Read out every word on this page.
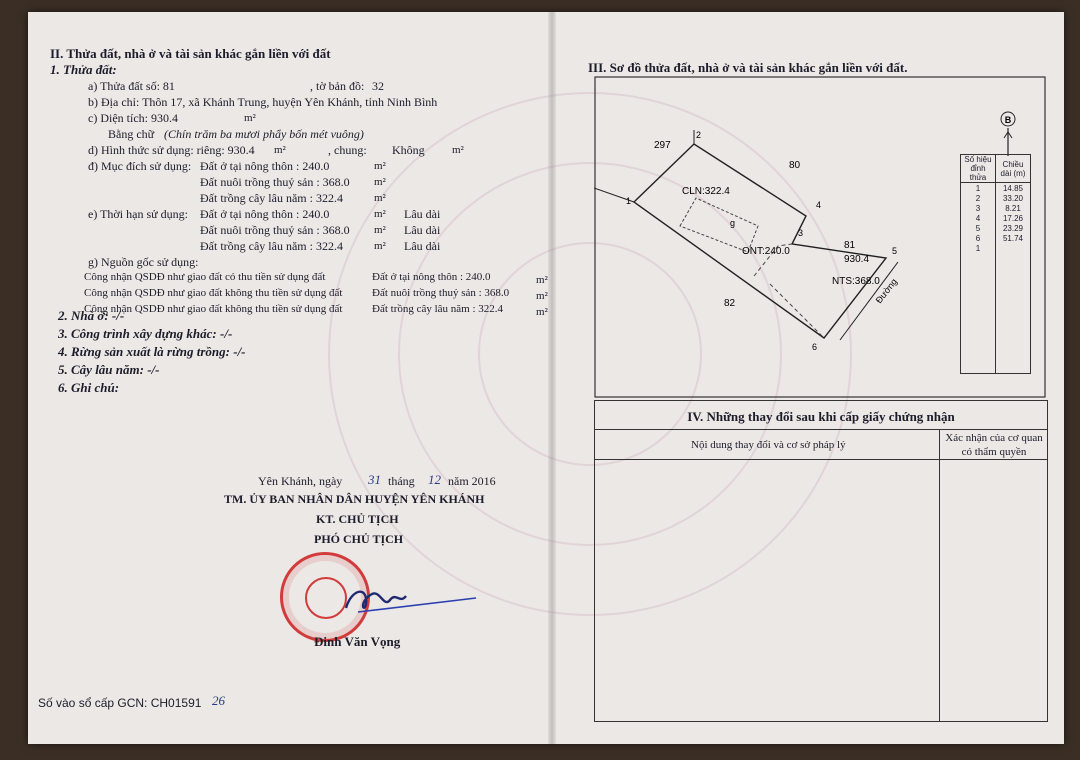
II. Thửa đất, nhà ở và tài sản khác gắn liền với đất
1. Thửa đất:
a) Thửa đất số: 81	, tờ bản đồ: 32
b) Địa chỉ: Thôn 17, xã Khánh Trung, huyện Yên Khánh, tỉnh Ninh Bình
c) Diện tích: 930.4	m²
Bằng chữ (Chín trăm ba mươi phẩy bốn mét vuông)
d) Hình thức sử dụng: riêng: 930.4 m²	, chung: Không m²
đ) Mục đích sử dụng: Đất ở tại nông thôn : 240.0	m²
Đất nuôi trồng thuỷ sản : 368.0 m²
Đất trồng cây lâu năm : 322.4	m²
e) Thời hạn sử dụng: Đất ở tại nông thôn : 240.0	m² Lâu dài
Đất nuôi trồng thuỷ sản : 368.0 m² Lâu dài
Đất trồng cây lâu năm : 322.4	m² Lâu dài
g) Nguồn gốc sử dụng:
Công nhận QSDĐ như giao đất có thu tiền sử dụng đất	Đất ở tại nông thôn : 240.0	m²
Công nhận QSDĐ như giao đất không thu tiền sử dụng đất	Đất nuôi trồng thuỷ sản : 368.0 m²
Công nhận QSDĐ như giao đất không thu tiền sử dụng đất	Đất trồng cây lâu năm : 322.4	m²
2. Nhà ở: -/-
3. Công trình xây dựng khác: -/-
4. Rừng sản xuất là rừng trồng: -/-
5. Cây lâu năm: -/-
6. Ghi chú:
Yên Khánh, ngày 31 tháng 12 năm 2016
TM. ỦY BAN NHÂN DÂN HUYỆN YÊN KHÁNH
KT. CHỦ TỊCH
PHÓ CHỦ TỊCH
Đinh Văn Vọng
Số vào sổ cấp GCN: CH01591 26
III. Sơ đồ thửa đất, nhà ở và tài sản khác gắn liền với đất.
B
297
80
82
CLN:322.4
ONT:240.0
NTS:368.0
g
81
930.4
Đường
1
2
3
4
5
6
Số hiệu đỉnh thửa	Chiều dài (m)
1	14.85
2	33.20
3	8.21
4	17.26
5	23.29
6	51.74
1	

IV. Những thay đổi sau khi cấp giấy chứng nhận
Nội dung thay đổi và cơ sở pháp lý
Xác nhận của cơ quan có thẩm quyền
